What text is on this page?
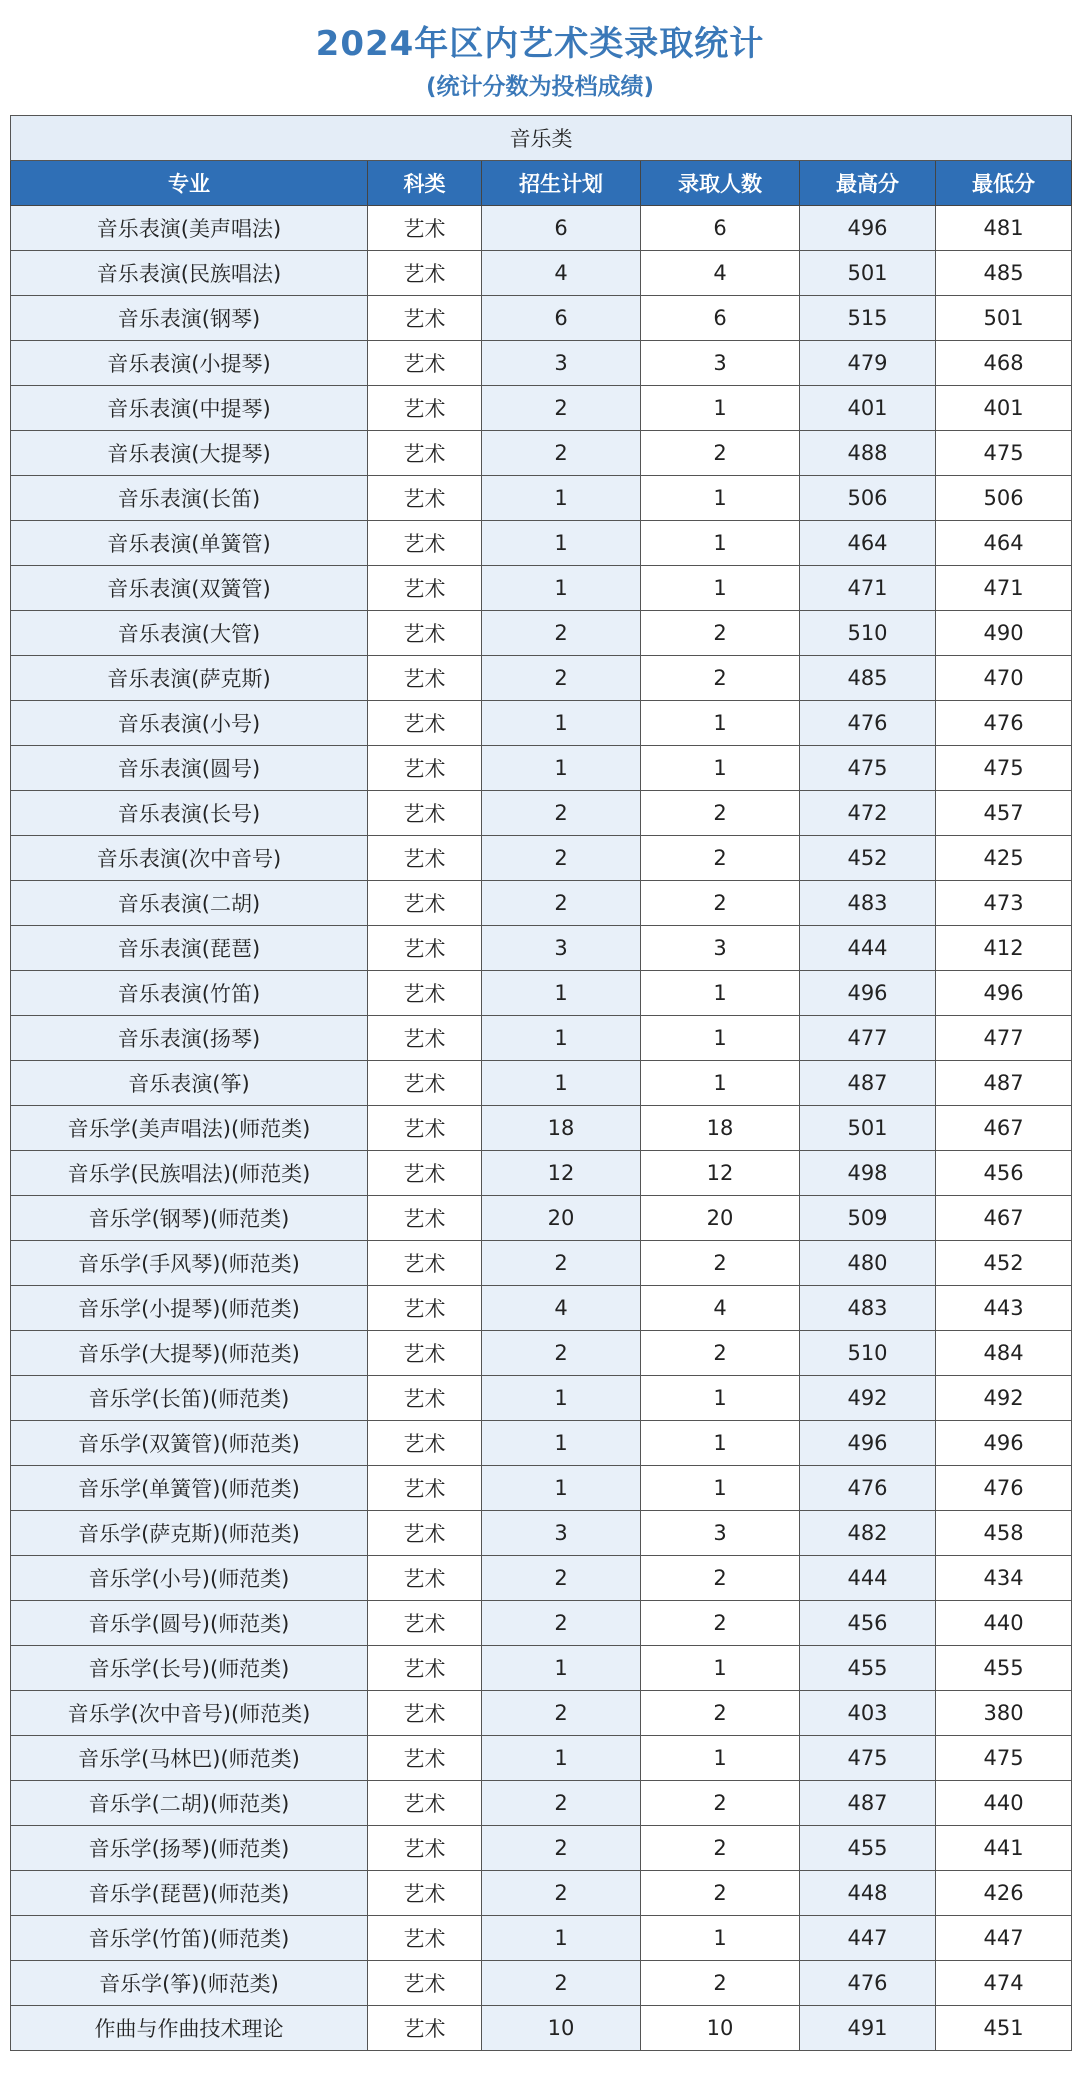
2024年区内艺术类录取统计
(统计分数为投档成绩)
音乐类					
专业	科类	招生计划	录取人数	最高分	最低分
音乐表演(美声唱法)	艺术	6	6	496	481
音乐表演(民族唱法)	艺术	4	4	501	485
音乐表演(钢琴)	艺术	6	6	515	501
音乐表演(小提琴)	艺术	3	3	479	468
音乐表演(中提琴)	艺术	2	1	401	401
音乐表演(大提琴)	艺术	2	2	488	475
音乐表演(长笛)	艺术	1	1	506	506
音乐表演(单簧管)	艺术	1	1	464	464
音乐表演(双簧管)	艺术	1	1	471	471
音乐表演(大管)	艺术	2	2	510	490
音乐表演(萨克斯)	艺术	2	2	485	470
音乐表演(小号)	艺术	1	1	476	476
音乐表演(圆号)	艺术	1	1	475	475
音乐表演(长号)	艺术	2	2	472	457
音乐表演(次中音号)	艺术	2	2	452	425
音乐表演(二胡)	艺术	2	2	483	473
音乐表演(琵琶)	艺术	3	3	444	412
音乐表演(竹笛)	艺术	1	1	496	496
音乐表演(扬琴)	艺术	1	1	477	477
音乐表演(筝)	艺术	1	1	487	487
音乐学(美声唱法)(师范类)	艺术	18	18	501	467
音乐学(民族唱法)(师范类)	艺术	12	12	498	456
音乐学(钢琴)(师范类)	艺术	20	20	509	467
音乐学(手风琴)(师范类)	艺术	2	2	480	452
音乐学(小提琴)(师范类)	艺术	4	4	483	443
音乐学(大提琴)(师范类)	艺术	2	2	510	484
音乐学(长笛)(师范类)	艺术	1	1	492	492
音乐学(双簧管)(师范类)	艺术	1	1	496	496
音乐学(单簧管)(师范类)	艺术	1	1	476	476
音乐学(萨克斯)(师范类)	艺术	3	3	482	458
音乐学(小号)(师范类)	艺术	2	2	444	434
音乐学(圆号)(师范类)	艺术	2	2	456	440
音乐学(长号)(师范类)	艺术	1	1	455	455
音乐学(次中音号)(师范类)	艺术	2	2	403	380
音乐学(马林巴)(师范类)	艺术	1	1	475	475
音乐学(二胡)(师范类)	艺术	2	2	487	440
音乐学(扬琴)(师范类)	艺术	2	2	455	441
音乐学(琵琶)(师范类)	艺术	2	2	448	426
音乐学(竹笛)(师范类)	艺术	1	1	447	447
音乐学(筝)(师范类)	艺术	2	2	476	474
作曲与作曲技术理论	艺术	10	10	491	451
